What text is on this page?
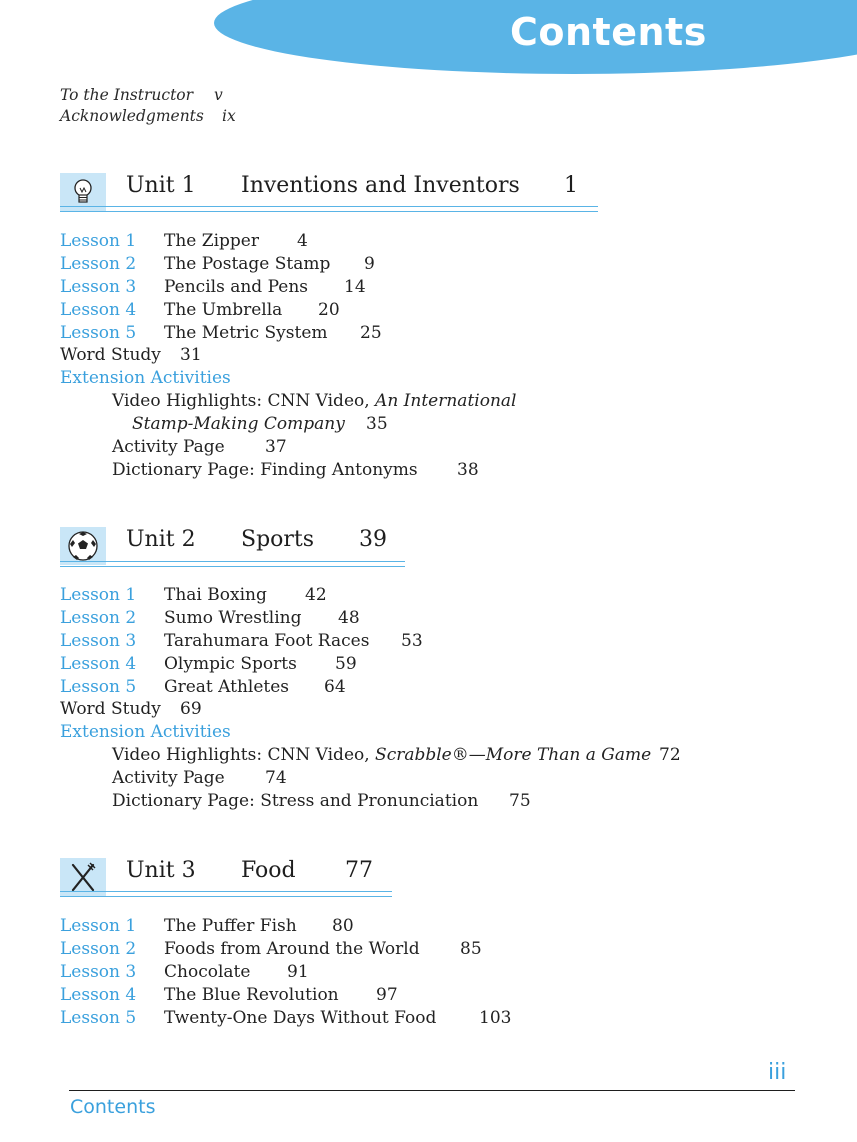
Contents
To the Instructor v
Acknowledgments ix
Unit 1 Inventions and Inventors 1
Lesson 1 The Zipper 4
Lesson 2 The Postage Stamp 9
Lesson 3 Pencils and Pens 14
Lesson 4 The Umbrella 20
Lesson 5 The Metric System 25
Word Study 31
Extension Activities
Video Highlights: CNN Video, An International
Stamp-Making Company 35
Activity Page 37
Dictionary Page: Finding Antonyms 38
Unit 2 Sports 39
Lesson 1 Thai Boxing 42
Lesson 2 Sumo Wrestling 48
Lesson 3 Tarahumara Foot Races 53
Lesson 4 Olympic Sports 59
Lesson 5 Great Athletes 64
Word Study 69
Extension Activities
Video Highlights: CNN Video, Scrabble®—More Than a Game 72
Activity Page 74
Dictionary Page: Stress and Pronunciation 75
Unit 3 Food 77
Lesson 1 The Puffer Fish 80
Lesson 2 Foods from Around the World 85
Lesson 3 Chocolate 91
Lesson 4 The Blue Revolution 97
Lesson 5 Twenty-One Days Without Food	103
iii
Contents
